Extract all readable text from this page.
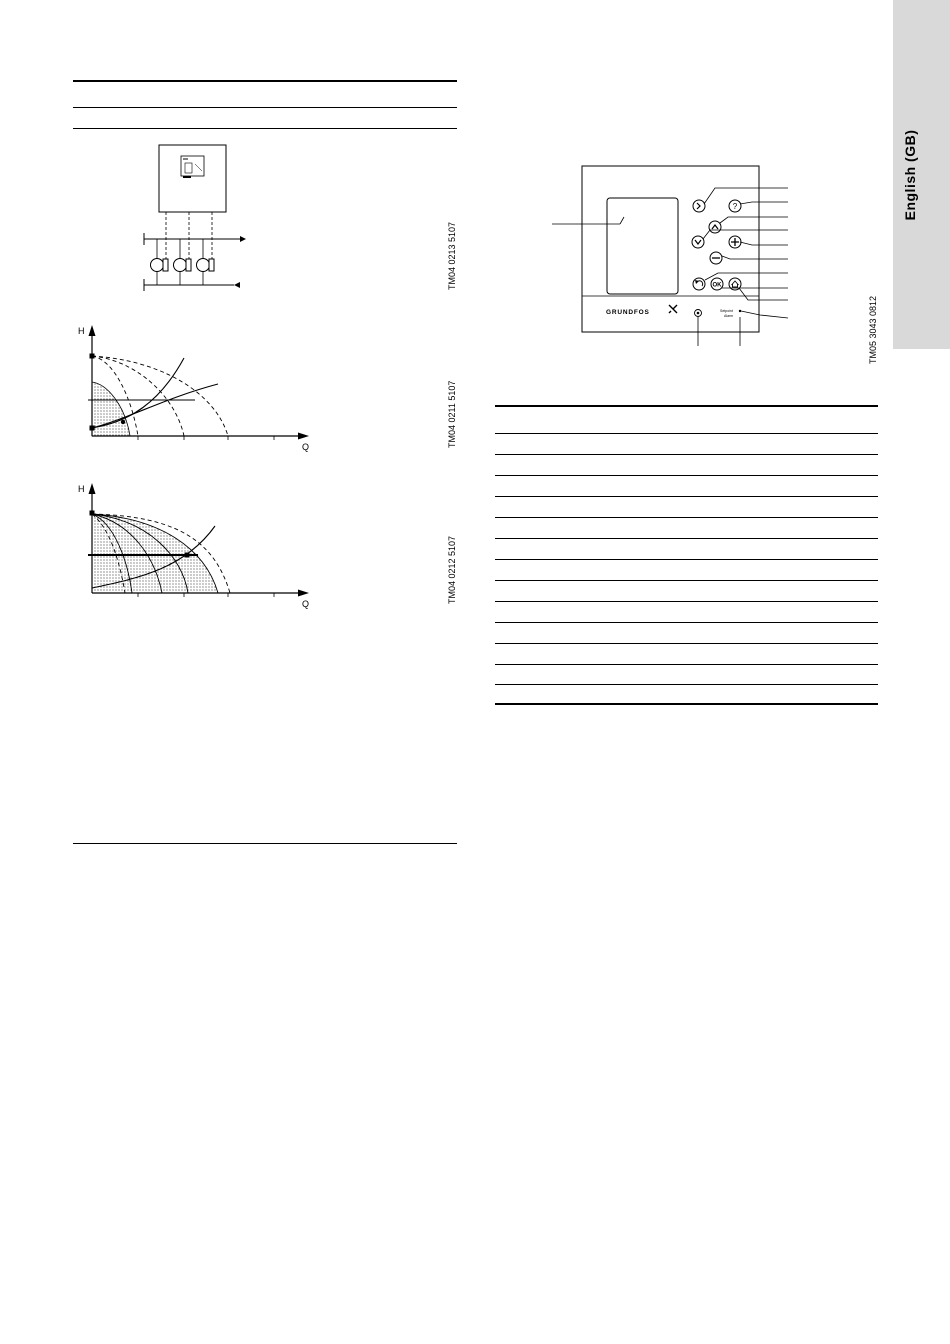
English (GB)
TM04 0213 5107
H
Q	TM04 0211 5107
H
Q	TM04 0212 5107
?
OK
GRUNDFOS	Setpoint
Alarm	TM05 3043 0812
